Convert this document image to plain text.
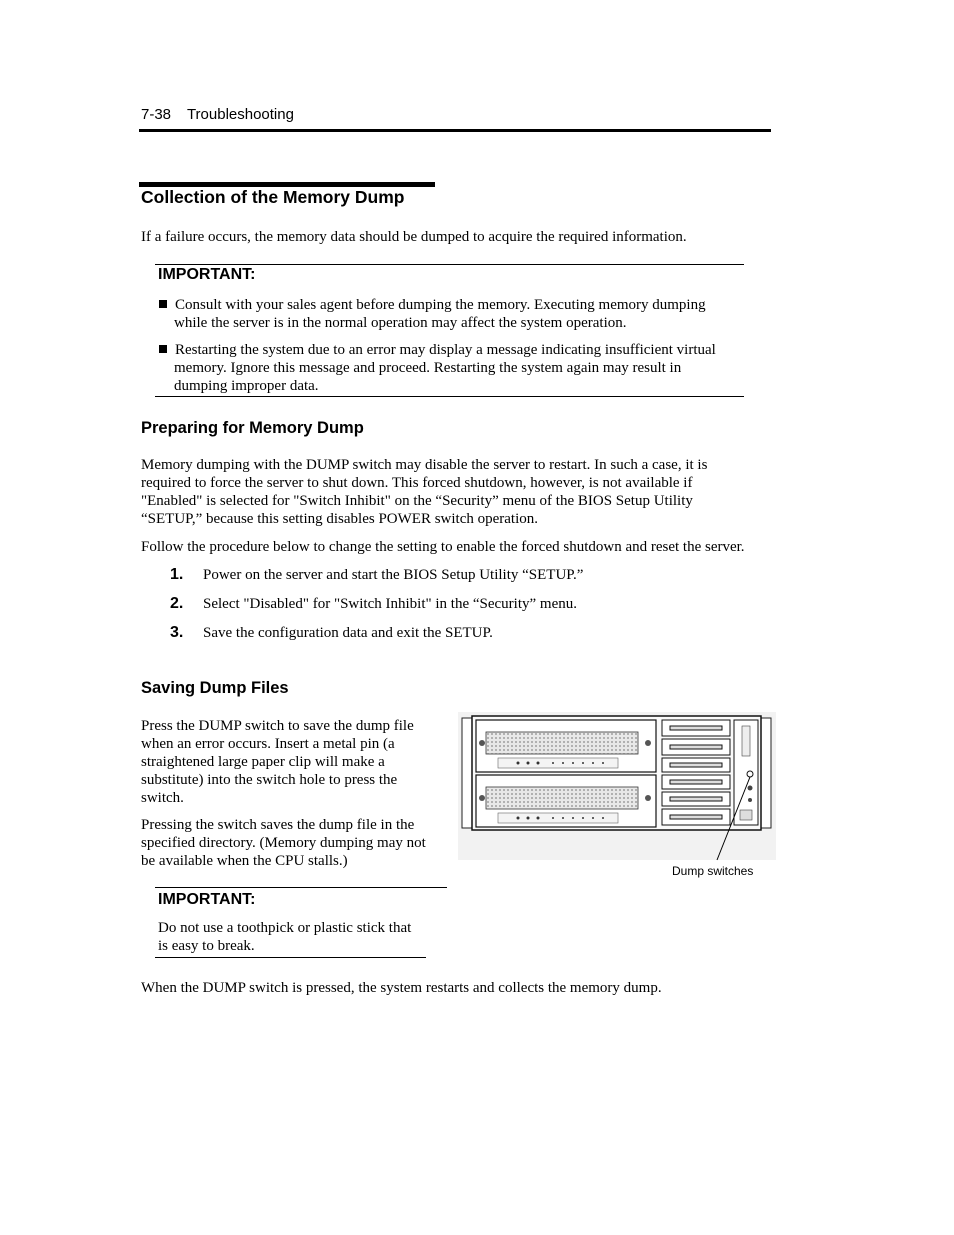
7-38 Troubleshooting
Collection of the Memory Dump
If a failure occurs, the memory data should be dumped to acquire the required information.
IMPORTANT:
Consult with your sales agent before dumping the memory. Executing memory dumping
while the server is in the normal operation may affect the system operation.
Restarting the system due to an error may display a message indicating insufficient virtual
memory. Ignore this message and proceed. Restarting the system again may result in
dumping improper data.
Preparing for Memory Dump
Memory dumping with the DUMP switch may disable the server to restart. In such a case, it is
required to force the server to shut down. This forced shutdown, however, is not available if
"Enabled" is selected for "Switch Inhibit" on the “Security” menu of the BIOS Setup Utility
“SETUP,” because this setting disables POWER switch operation.
Follow the procedure below to change the setting to enable the forced shutdown and reset the server.
1. Power on the server and start the BIOS Setup Utility “SETUP.”
2. Select "Disabled" for "Switch Inhibit" in the “Security” menu.
3. Save the configuration data and exit the SETUP.
Saving Dump Files
Press the DUMP switch to save the dump file
when an error occurs. Insert a metal pin (a
straightened large paper clip will make a
substitute) into the switch hole to press the
switch.
Pressing the switch saves the dump file in the
specified directory. (Memory dumping may not
be available when the CPU stalls.)
Dump switches
IMPORTANT:
Do not use a toothpick or plastic stick that
is easy to break.
When the DUMP switch is pressed, the system restarts and collects the memory dump.
